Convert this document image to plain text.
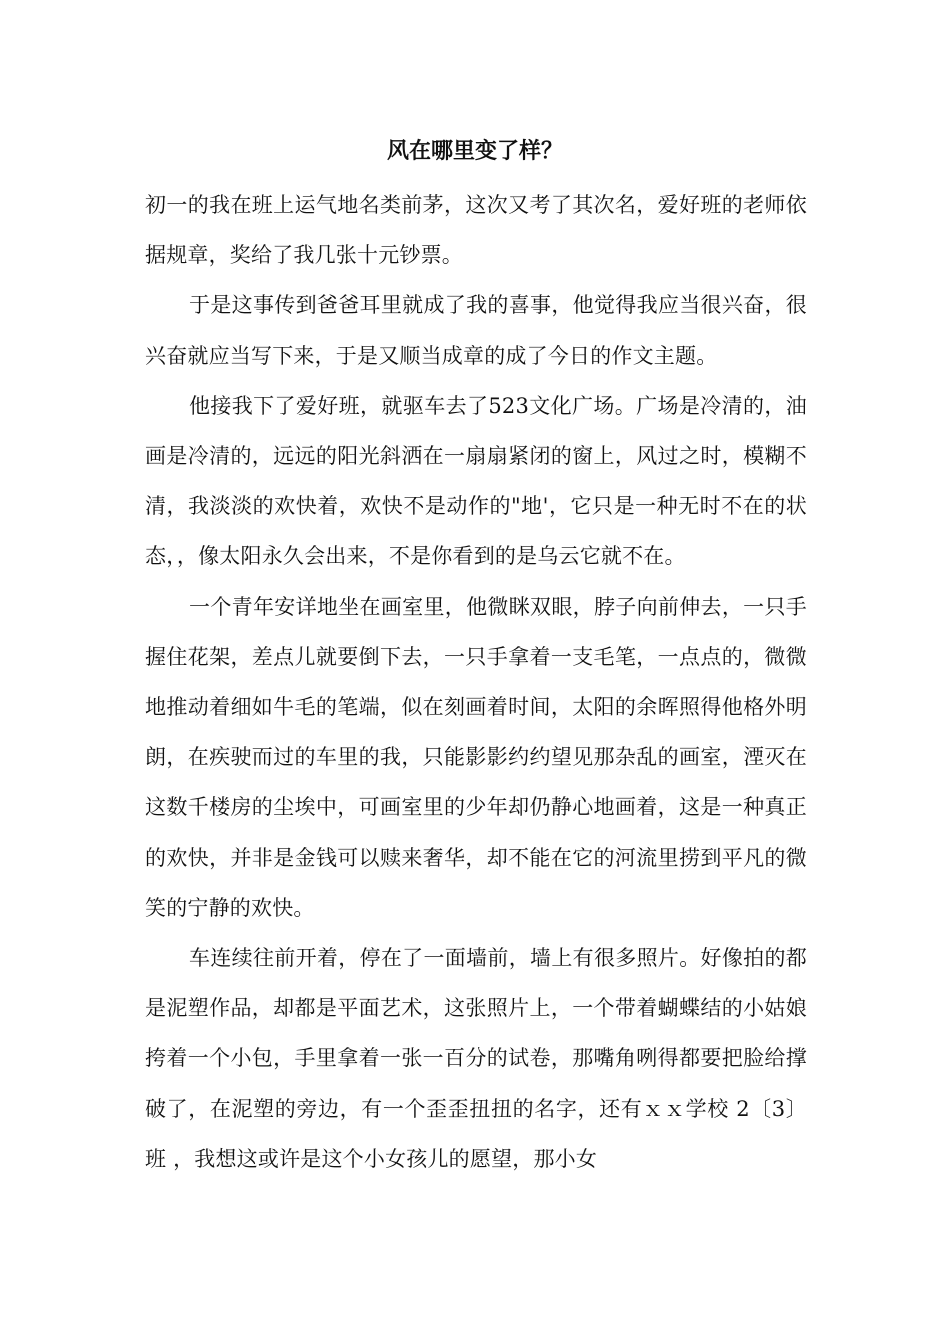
风在哪里变了样？

初一的我在班上运气地名类前茅，这次又考了其次名，爱好班的老师依据规章，奖给了我几张十元钞票。

于是这事传到爸爸耳里就成了我的喜事，他觉得我应当很兴奋，很兴奋就应当写下来，于是又顺当成章的成了今日的作文主题。

他接我下了爱好班，就驱车去了523文化广场。广场是冷清的，油画是冷清的，远远的阳光斜洒在一扇扇紧闭的窗上，风过之时，模糊不清，我淡淡的欢快着，欢快不是动作的"地'，它只是一种无时不在的状态，，像太阳永久会出来，不是你看到的是乌云它就不在。

一个青年安详地坐在画室里，他微眯双眼，脖子向前伸去，一只手握住花架，差点儿就要倒下去，一只手拿着一支毛笔，一点点的，微微地推动着细如牛毛的笔端，似在刻画着时间，太阳的余晖照得他格外明朗，在疾驶而过的车里的我，只能影影约约望见那杂乱的画室，湮灭在这数千楼房的尘埃中，可画室里的少年却仍静心地画着，这是一种真正的欢快，并非是金钱可以赎来奢华，却不能在它的河流里捞到平凡的微笑的宁静的欢快。

车连续往前开着，停在了一面墙前，墙上有很多照片。好像拍的都是泥塑作品，却都是平面艺术，这张照片上，一个带着蝴蝶结的小姑娘挎着一个小包，手里拿着一张一百分的试卷，那嘴角咧得都要把脸给撑破了，在泥塑的旁边，有一个歪歪扭扭的名字，还有ｘｘ学校 2〔3〕班 ，我想这或许是这个小女孩儿的愿望，那小女
